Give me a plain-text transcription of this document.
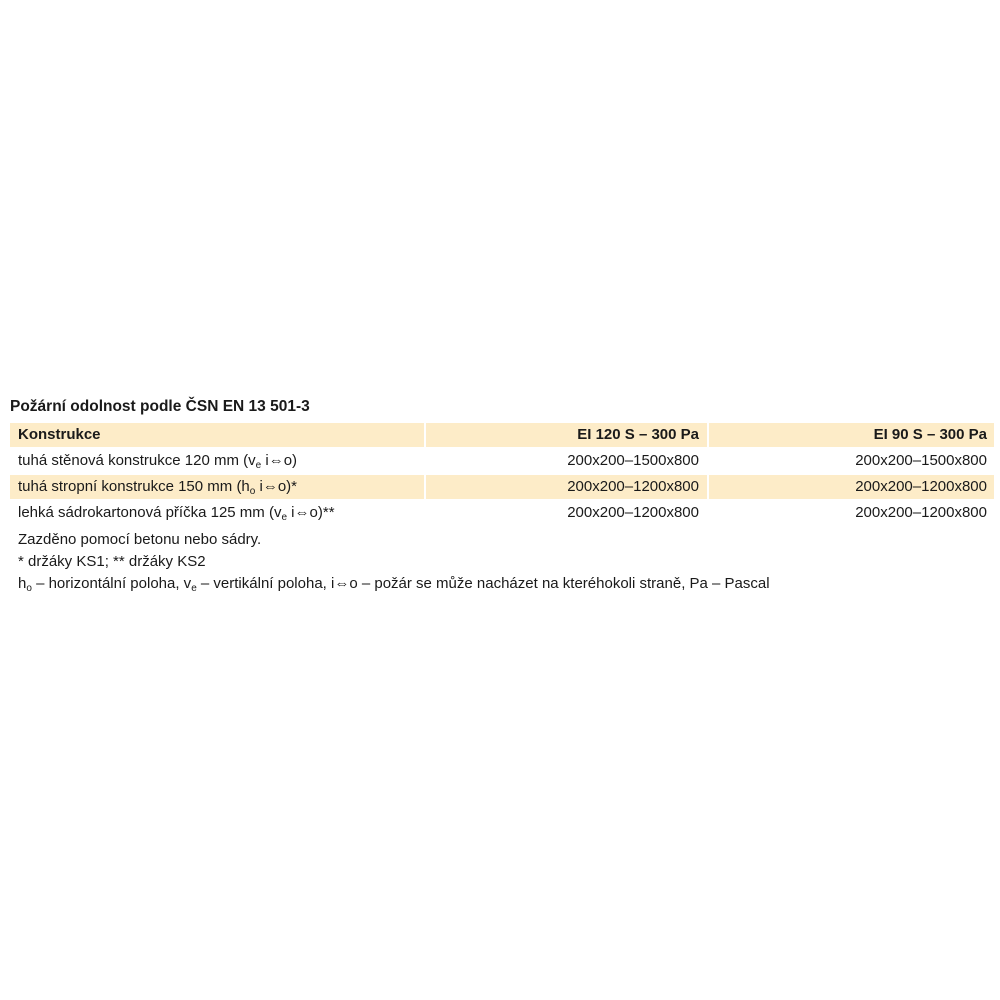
Požární odolnost podle ČSN EN 13 501-3
Konstrukce	EI 120 S – 300 Pa	EI 90 S – 300 Pa
tuhá stěnová konstrukce 120 mm ($v_e$ i⇔o)	200x200–1500x800	200x200–1500x800
tuhá stropní konstrukce 150 mm ($h_o$ i⇔o)*	200x200–1200x800	200x200–1200x800
lehká sádrokartonová příčka 125 mm ($v_e$ i⇔o)**	200x200–1200x800	200x200–1200x800
Zazděno pomocí betonu nebo sádry.
* držáky KS1; ** držáky KS2
$h_o$ – horizontální poloha, $v_e$ – vertikální poloha, i⇔o – požár se může nacházet na kteréhokoli straně, Pa – Pascal
